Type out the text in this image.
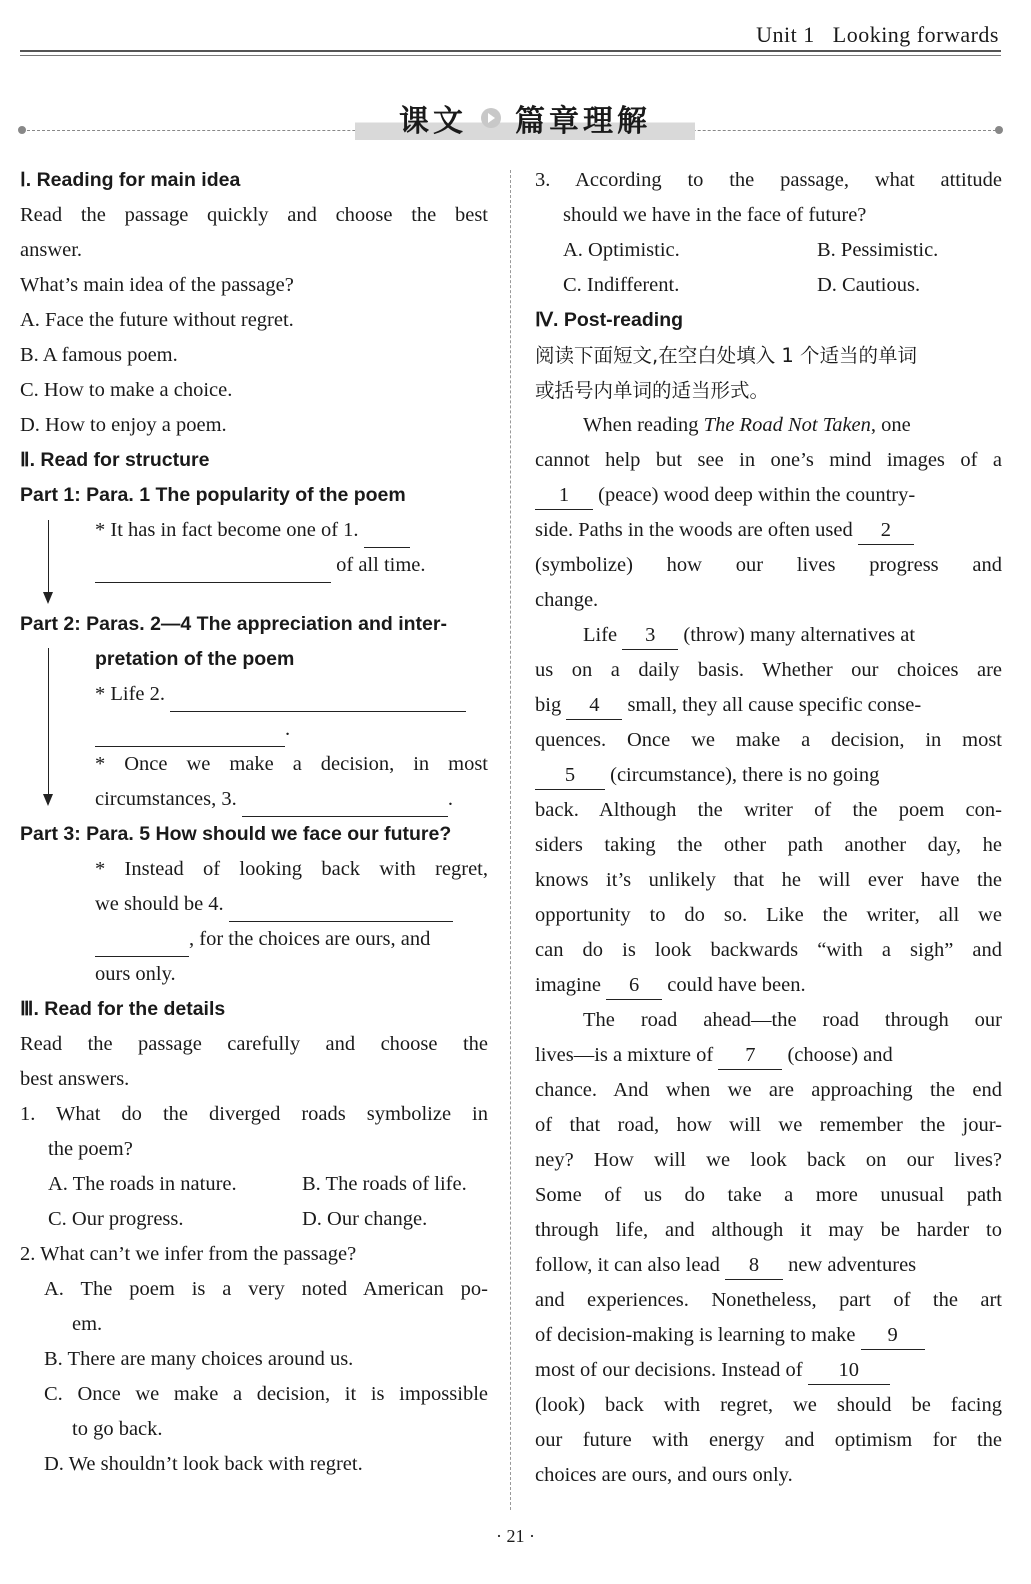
Unit 1 Looking forwards
课文 篇章理解
Ⅰ. Reading for main idea
Read the passage quickly and choose the best
answer.
What’s main idea of the passage?
A. Face the future without regret.
B. A famous poem.
C. How to make a choice.
D. How to enjoy a poem.
Ⅱ. Read for structure
Part 1: Para. 1 The popularity of the poem
* It has in fact become one of 1.
of all time.
Part 2: Paras. 2—4 The appreciation and inter-
pretation of the poem
* Life 2.
.
* Once we make a decision, in most
circumstances, 3.	.
Part 3: Para. 5 How should we face our future?
* Instead of looking back with regret,
we should be 4.
, for the choices are ours, and
ours only.
Ⅲ. Read for the details
Read the passage carefully and choose the
best answers.
1. What do the diverged roads symbolize in
the poem?
A. The roads in nature.	B. The roads of life.
C. Our progress.	D. Our change.
2. What can’t we infer from the passage?
A. The poem is a very noted American po-
em.
B. There are many choices around us.
C. Once we make a decision, it is impossible
to go back.
D. We shouldn’t look back with regret.
3. According to the passage, what attitude
should we have in the face of future?
A. Optimistic.	B. Pessimistic.
C. Indifferent.	D. Cautious.
Ⅳ. Post-reading
阅读下面短文,在空白处填入 1 个适当的单词
或括号内单词的适当形式。
When reading The Road Not Taken, one
cannot help but see in one’s mind images of a
1 (peace) wood deep within the country-
side. Paths in the woods are often used 2
(symbolize) how our lives progress and
change.
Life 3 (throw) many alternatives at
us on a daily basis. Whether our choices are
big 4 small, they all cause specific conse-
quences. Once we make a decision, in most
5 (circumstance), there is no going
back. Although the writer of the poem con-
siders taking the other path another day, he
knows it’s unlikely that he will ever have the
opportunity to do so. Like the writer, all we
can do is look backwards “with a sigh” and
imagine 6 could have been.
The road ahead—the road through our
lives—is a mixture of 7 (choose) and
chance. And when we are approaching the end
of that road, how will we remember the jour-
ney? How will we look back on our lives?
Some of us do take a more unusual path
through life, and although it may be harder to
follow, it can also lead 8 new adventures
and experiences. Nonetheless, part of the art
of decision-making is learning to make 9
most of our decisions. Instead of 10
(look) back with regret, we should be facing
our future with energy and optimism for the
choices are ours, and ours only.
· 21 ·
